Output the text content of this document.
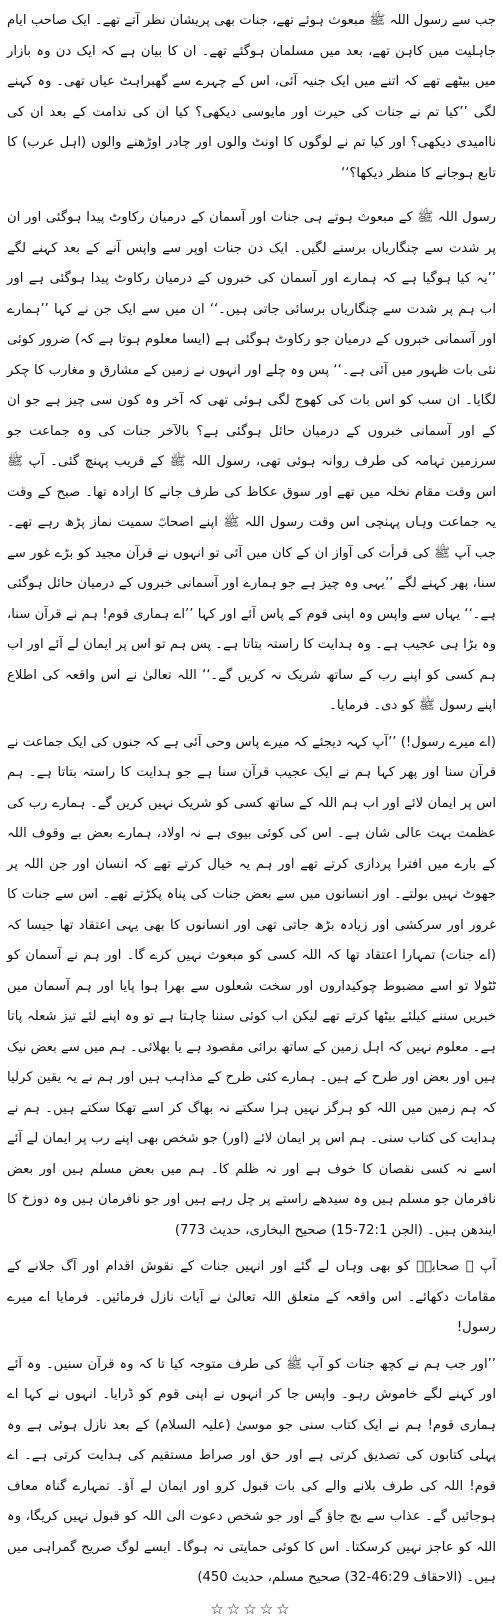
جب سے رسول اللہ ﷺ مبعوث ہوئے تھے، جنات بھی پریشان نظر آتے تھے۔ ایک صاحب ایام جاہلیت میں کاہن تھے، بعد میں مسلمان ہوگئے تھے۔ ان کا بیان ہے کہ ایک دن وہ بازار میں بیٹھے تھے کہ اتنے میں ایک جنیہ آئی، اس کے چہرے سے گھبراہٹ عیاں تھی۔ وہ کہنے لگی ’’کیا تم نے جنات کی حیرت اور مایوسی دیکھی؟ کیا ان کی ندامت کے بعد ان کی ناامیدی دیکھی؟ اور کیا تم نے لوگوں کا اونٹ والوں اور چادر اوڑھنے والوں (اہل عرب) کا تابع ہوجانے کا منظر دیکھا؟‘‘

رسول اللہ ﷺ کے مبعوث ہوتے ہی جنات اور آسمان کے درمیان رکاوٹ پیدا ہوگئی اور ان پر شدت سے چنگاریاں برسنے لگیں۔ ایک دن جنات اوپر سے واپس آنے کے بعد کہنے لگے ’’یہ کیا ہوگیا ہے کہ ہمارے اور آسمان کی خبروں کے درمیان رکاوٹ پیدا ہوگئی ہے اور اب ہم پر شدت سے چنگاریاں برسائی جاتی ہیں۔‘‘ ان میں سے ایک جن نے کہا ’’ہمارے اور آسمانی خبروں کے درمیان جو رکاوٹ ہوگئی ہے (ایسا معلوم ہوتا ہے کہ) ضرور کوئی نئی بات ظہور میں آئی ہے۔‘‘ پس وہ چلے اور انہوں نے زمین کے مشارق و مغارب کا چکر لگایا۔ ان سب کو اس بات کی کھوج لگی ہوئی تھی کہ آخر وہ کون سی چیز ہے جو ان کے اور آسمانی خبروں کے درمیان حائل ہوگئی ہے؟ بالآخر جنات کی وہ جماعت جو سرزمین تہامہ کی طرف روانہ ہوئی تھی، رسول اللہ ﷺ کے قریب پہنچ گئی۔ آپ ﷺ اس وقت مقام نخلہ میں تھے اور سوق عکاظ کی طرف جانے کا ارادہ تھا۔ صبح کے وقت یہ جماعت وہاں پہنچی اس وقت رسول اللہ ﷺ اپنے اصحابؓ سمیت نماز پڑھ رہے تھے۔ جب آپ ﷺ کی قرأت کی آواز ان کے کان میں آئی تو انہوں نے قرآن مجید کو بڑے غور سے سنا، پھر کہنے لگے ’’یہی وہ چیز ہے جو ہمارے اور آسمانی خبروں کے درمیان حائل ہوگئی ہے۔‘‘ یہاں سے واپس وہ اپنی قوم کے پاس آئے اور کہا ’’اے ہماری قوم! ہم نے قرآن سنا، وہ بڑا ہی عجیب ہے۔ وہ ہدایت کا راستہ بتاتا ہے۔ پس ہم تو اس پر ایمان لے آئے اور اب ہم کسی کو اپنے رب کے ساتھ شریک نہ کریں گے۔‘‘ اللہ تعالیٰ نے اس واقعہ کی اطلاع اپنے رسول ﷺ کو دی۔ فرمایا۔

(اے میرے رسول!) ’’آپ کہہ دیجئے کہ میرے پاس وحی آئی ہے کہ جنوں کی ایک جماعت نے قرآن سنا اور پھر کہا ہم نے ایک عجیب قرآن سنا ہے جو ہدایت کا راستہ بتاتا ہے۔ ہم اس پر ایمان لائے اور اب ہم اللہ کے ساتھ کسی کو شریک نہیں کریں گے۔ ہمارے رب کی عظمت بہت عالی شان ہے۔ اس کی کوئی بیوی ہے نہ اولاد، ہمارے بعض بے وقوف اللہ کے بارے میں افترا پردازی کرتے تھے اور ہم یہ خیال کرتے تھے کہ انسان اور جن اللہ پر جھوٹ نہیں بولتے۔ اور انسانوں میں سے بعض جنات کی پناہ پکڑتے تھے۔ اس سے جنات کا غرور اور سرکشی اور زیادہ بڑھ جاتی تھی اور انسانوں کا بھی یہی اعتقاد تھا جیسا کہ (اے جنات) تمہارا اعتقاد تھا کہ اللہ کسی کو مبعوث نہیں کرے گا۔ اور ہم نے آسمان کو ٹٹولا تو اسے مضبوط چوکیداروں اور سخت شعلوں سے بھرا ہوا پایا اور ہم آسمان میں خبریں سننے کیلئے بیٹھا کرتے تھے لیکن اب کوئی سننا چاہتا ہے تو وہ اپنے لئے تیز شعلہ پاتا ہے۔ معلوم نہیں کہ اہل زمین کے ساتھ برائی مقصود ہے یا بھلائی۔ ہم میں سے بعض نیک ہیں اور بعض اور طرح کے ہیں۔ ہمارے کئی طرح کے مذاہب ہیں اور ہم نے یہ یقین کرلیا کہ ہم زمین میں اللہ کو ہرگز نہیں ہرا سکتے نہ بھاگ کر اسے تھکا سکتے ہیں۔ ہم نے ہدایت کی کتاب سنی۔ ہم اس پر ایمان لائے (اور) جو شخص بھی اپنے رب پر ایمان لے آئے اسے نہ کسی نقصان کا خوف ہے اور نہ ظلم کا۔ ہم میں بعض مسلم ہیں اور بعض نافرمان جو مسلم ہیں وہ سیدھے راستے پر چل رہے ہیں اور جو نافرمان ہیں وہ دوزخ کا ایندھن ہیں۔ (الجن 72:1-15) صحیح البخاری، حدیث 773)

آپ ﷺ صحابہؓ کو بھی وہاں لے گئے اور انہیں جنات کے نقوش اقدام اور آگ جلانے کے مقامات دکھائے۔ اس واقعہ کے متعلق اللہ تعالیٰ نے آیات نازل فرمائیں۔ فرمایا اے میرے رسول!

’’اور جب ہم نے کچھ جنات کو آپ ﷺ کی طرف متوجہ کیا تا کہ وہ قرآن سنیں۔ وہ آئے اور کہنے لگے خاموش رہو۔ واپس جا کر انہوں نے اپنی قوم کو ڈرایا۔ انہوں نے کہا اے ہماری قوم! ہم نے ایک کتاب سنی جو موسیٰ (علیہ السلام) کے بعد نازل ہوئی ہے وہ پہلی کتابوں کی تصدیق کرتی ہے اور حق اور صراط مستقیم کی ہدایت کرتی ہے۔ اے قوم! اللہ کی طرف بلانے والے کی بات قبول کرو اور ایمان لے آؤ۔ تمہارے گناہ معاف ہوجائیں گے۔ عذاب سے بچ جاؤ گے اور جو شخص دعوت الی اللہ کو قبول نہیں کریگا، وہ اللہ کو عاجز نہیں کرسکتا۔ اس کا کوئی حمایتی نہ ہوگا۔ ایسے لوگ صریح گمراہی میں ہیں۔ (الاحقاف 46:29-32) صحیح مسلم، حدیث 450)

☆☆☆☆☆
